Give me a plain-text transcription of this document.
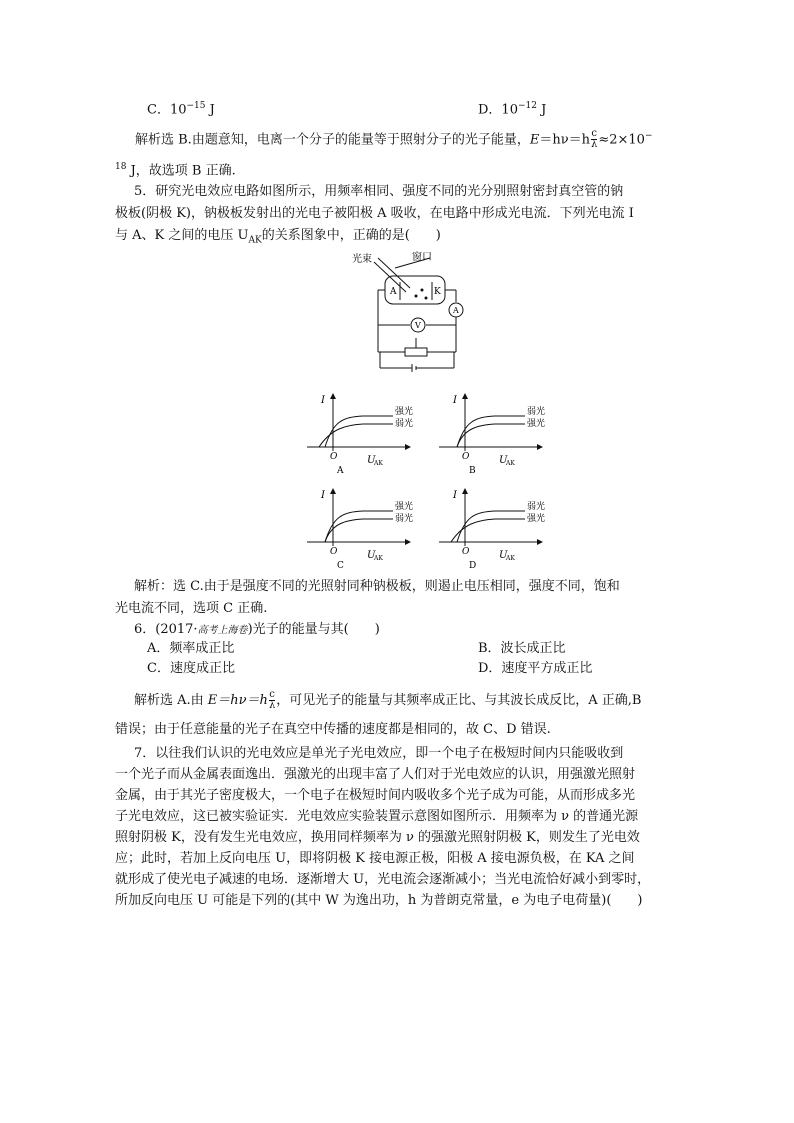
C．$10^{-15}$ J	D．$10^{-12}$ J
解析选 B.由题意知，电离一个分子的能量等于照射分子的光子能量，$E=h\nu=h \frac{c}{\lambda} \approx 2\times 10^-$
$^{18}$ J，故选项 B 正确.
5．研究光电效应电路如图所示，用频率相同、强度不同的光分别照射密封真空管的钠
极板(阴极 K)，钠极板发射出的光电子被阳极 A 吸收，在电路中形成光电流．下列光电流 I
与 A、K 之间的电压 $U_{AK}$的关系图象中，正确的是(　　)
光束	窗口
A	K
V
A
强光
弱光
I
O	U
AK
A
弱光
强光
I
O	U
AK
B
强光
弱光
I
O	U
AK
C
弱光
强光
I
O	U
AK
D
解析：选 C.由于是强度不同的光照射同种钠极板，则遏止电压相同，强度不同，饱和
光电流不同，选项 C 正确.
6．(2017·高考上海卷)光子的能量与其(　　)
A．频率成正比	B．波长成正比
C．速度成正比	D．速度平方成正比
解析选 A.由 $E=h\nu=h \frac{c}{\lambda}$ ，可见光子的能量与其频率成正比、与其波长成反比，A 正确,B
错误；由于任意能量的光子在真空中传播的速度都是相同的，故 C、D 错误.
7．以往我们认识的光电效应是单光子光电效应，即一个电子在极短时间内只能吸收到
一个光子而从金属表面逸出．强激光的出现丰富了人们对于光电效应的认识，用强激光照射
金属，由于其光子密度极大，一个电子在极短时间内吸收多个光子成为可能，从而形成多光
子光电效应，这已被实验证实．光电效应实验装置示意图如图所示．用频率为 ν 的普通光源
照射阴极 K，没有发生光电效应，换用同样频率为 ν 的强激光照射阴极 K，则发生了光电效
应；此时，若加上反向电压 U，即将阴极 K 接电源正极，阳极 A 接电源负极，在 KA 之间
就形成了使光电子减速的电场．逐渐增大 U，光电流会逐渐减小；当光电流恰好减小到零时，
所加反向电压 U 可能是下列的(其中 W 为逸出功，h 为普朗克常量，e 为电子电荷量)(　　)
